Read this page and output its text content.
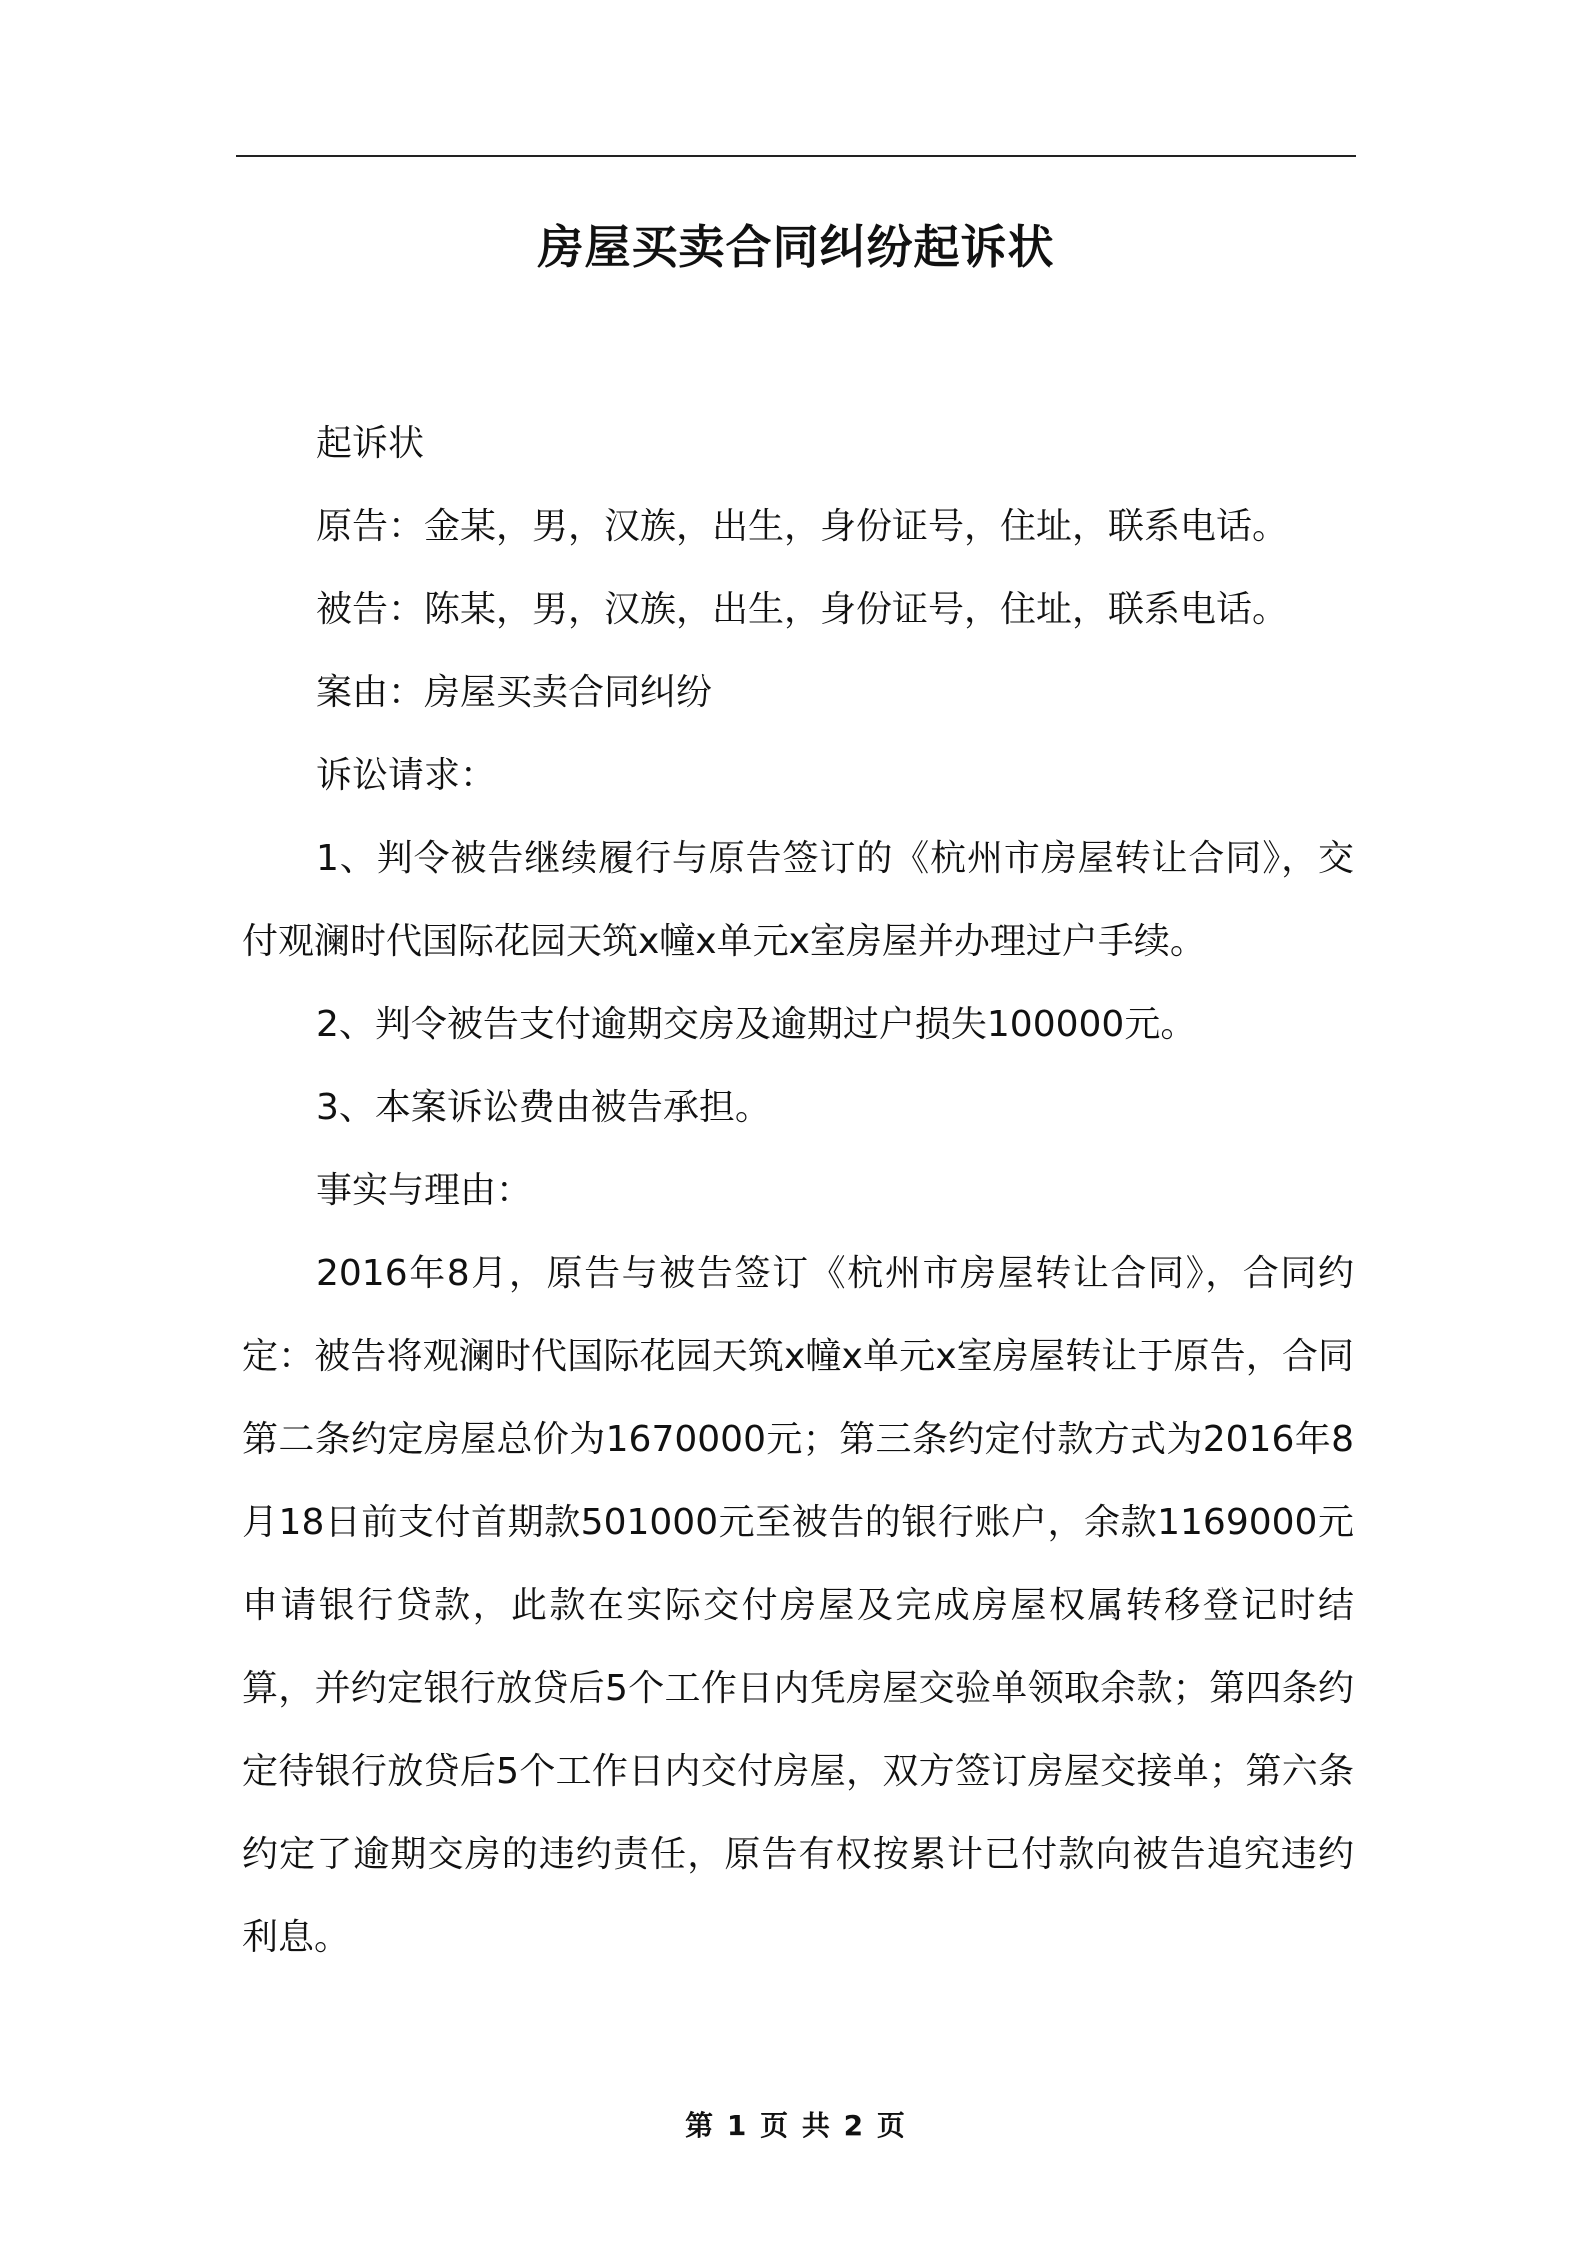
房屋买卖合同纠纷起诉状

起诉状

原告：金某，男，汉族，出生，身份证号，住址，联系电话。

被告：陈某，男，汉族，出生，身份证号，住址，联系电话。

案由：房屋买卖合同纠纷

诉讼请求：

1、判令被告继续履行与原告签订的《杭州市房屋转让合同》，交付观澜时代国际花园天筑x幢x单元x室房屋并办理过户手续。

2、判令被告支付逾期交房及逾期过户损失100000元。

3、本案诉讼费由被告承担。

事实与理由：

2016年8月，原告与被告签订《杭州市房屋转让合同》，合同约定：被告将观澜时代国际花园天筑x幢x单元x室房屋转让于原告，合同第二条约定房屋总价为1670000元；第三条约定付款方式为2016年8月18日前支付首期款501000元至被告的银行账户，余款1169000元申请银行贷款，此款在实际交付房屋及完成房屋权属转移登记时结算，并约定银行放贷后5个工作日内凭房屋交验单领取余款；第四条约定待银行放贷后5个工作日内交付房屋，双方签订房屋交接单；第六条约定了逾期交房的违约责任，原告有权按累计已付款向被告追究违约利息。

第 1 页 共 2 页
